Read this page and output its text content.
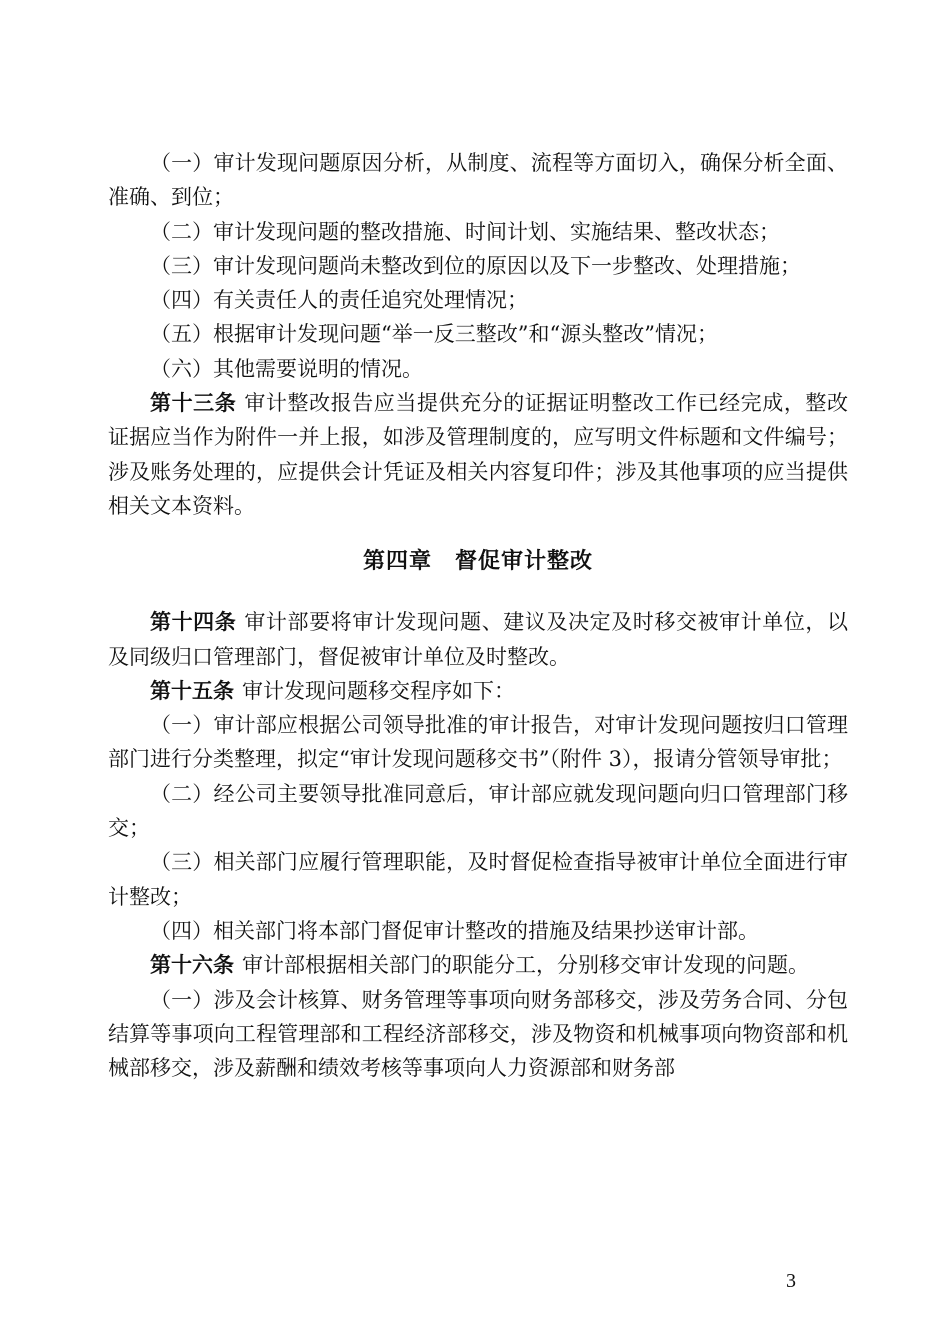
（一）审计发现问题原因分析，从制度、流程等方面切入，确保分析全面、准确、到位；

（二）审计发现问题的整改措施、时间计划、实施结果、整改状态；

（三）审计发现问题尚未整改到位的原因以及下一步整改、处理措施；

（四）有关责任人的责任追究处理情况；

（五）根据审计发现问题“举一反三整改”和“源头整改”情况；

（六）其他需要说明的情况。

第十三条 审计整改报告应当提供充分的证据证明整改工作已经完成，整改证据应当作为附件一并上报，如涉及管理制度的，应写明文件标题和文件编号；涉及账务处理的，应提供会计凭证及相关内容复印件；涉及其他事项的应当提供相关文本资料。

第四章　督促审计整改

第十四条 审计部要将审计发现问题、建议及决定及时移交被审计单位，以及同级归口管理部门，督促被审计单位及时整改。

第十五条 审计发现问题移交程序如下：

（一）审计部应根据公司领导批准的审计报告，对审计发现问题按归口管理部门进行分类整理，拟定“审计发现问题移交书”（附件 3），报请分管领导审批；

（二）经公司主要领导批准同意后，审计部应就发现问题向归口管理部门移交；

（三）相关部门应履行管理职能，及时督促检查指导被审计单位全面进行审计整改；

（四）相关部门将本部门督促审计整改的措施及结果抄送审计部。

第十六条 审计部根据相关部门的职能分工，分别移交审计发现的问题。

（一）涉及会计核算、财务管理等事项向财务部移交，涉及劳务合同、分包结算等事项向工程管理部和工程经济部移交，涉及物资和机械事项向物资部和机械部移交，涉及薪酬和绩效考核等事项向人力资源部和财务部

3
